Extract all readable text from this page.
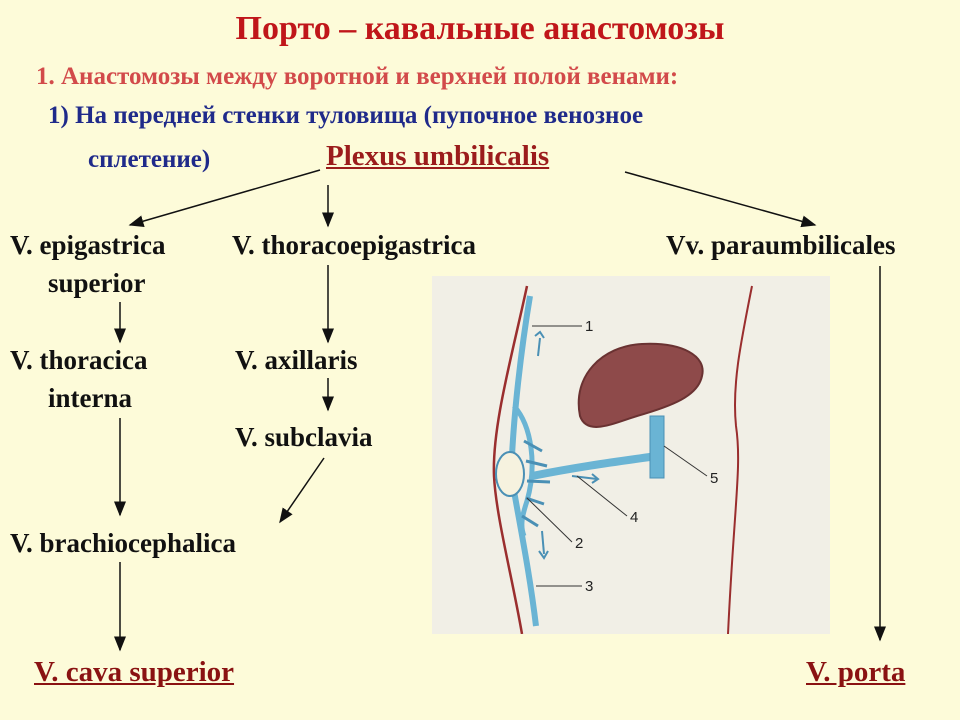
Порто – кавальные анастомозы
1. Анастомозы между воротной и верхней полой венами:
1) На передней стенки туловища (пупочное венозное
сплетение)	Plexus umbilicalis
V. epigastrica
superior
V. thoracica
interna
V. brachiocephalica
V. cava superior
V. thoracoepigastrica
V. axillaris
V. subclavia
Vv. paraumbilicales
V. porta
1
2
3
4
5
